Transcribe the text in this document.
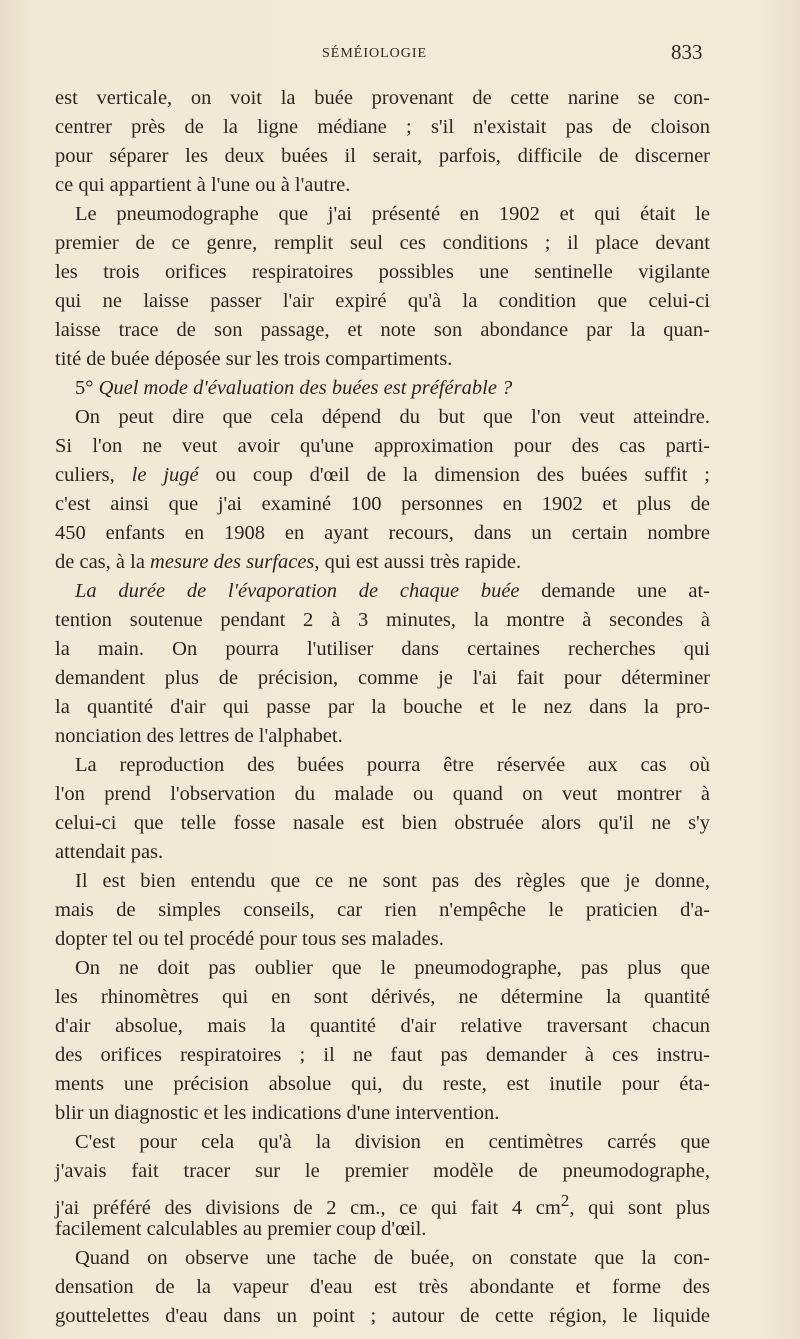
SÉMÉIOLOGIE	833
est verticale, on voit la buée provenant de cette narine se con-
centrer près de la ligne médiane ; s'il n'existait pas de cloison
pour séparer les deux buées il serait, parfois, difficile de discerner
ce qui appartient à l'une ou à l'autre.
Le pneumodographe que j'ai présenté en 1902 et qui était le
premier de ce genre, remplit seul ces conditions ; il place devant
les trois orifices respiratoires possibles une sentinelle vigilante
qui ne laisse passer l'air expiré qu'à la condition que celui-ci
laisse trace de son passage, et note son abondance par la quan-
tité de buée déposée sur les trois compartiments.
5° Quel mode d'évaluation des buées est préférable ?
On peut dire que cela dépend du but que l'on veut atteindre.
Si l'on ne veut avoir qu'une approximation pour des cas parti-
culiers, le jugé ou coup d'œil de la dimension des buées suffit ;
c'est ainsi que j'ai examiné 100 personnes en 1902 et plus de
450 enfants en 1908 en ayant recours, dans un certain nombre
de cas, à la mesure des surfaces, qui est aussi très rapide.
La durée de l'évaporation de chaque buée demande une at-
tention soutenue pendant 2 à 3 minutes, la montre à secondes à
la main. On pourra l'utiliser dans certaines recherches qui
demandent plus de précision, comme je l'ai fait pour déterminer
la quantité d'air qui passe par la bouche et le nez dans la pro-
nonciation des lettres de l'alphabet.
La reproduction des buées pourra être réservée aux cas où
l'on prend l'observation du malade ou quand on veut montrer à
celui-ci que telle fosse nasale est bien obstruée alors qu'il ne s'y
attendait pas.
Il est bien entendu que ce ne sont pas des règles que je donne,
mais de simples conseils, car rien n'empêche le praticien d'a-
dopter tel ou tel procédé pour tous ses malades.
On ne doit pas oublier que le pneumodographe, pas plus que
les rhinomètres qui en sont dérivés, ne détermine la quantité
d'air absolue, mais la quantité d'air relative traversant chacun
des orifices respiratoires ; il ne faut pas demander à ces instru-
ments une précision absolue qui, du reste, est inutile pour éta-
blir un diagnostic et les indications d'une intervention.
C'est pour cela qu'à la division en centimètres carrés que
j'avais fait tracer sur le premier modèle de pneumodographe,
j'ai préféré des divisions de 2 cm., ce qui fait 4 $cm^2$, qui sont plus
facilement calculables au premier coup d'œil.
Quand on observe une tache de buée, on constate que la con-
densation de la vapeur d'eau est très abondante et forme des
gouttelettes d'eau dans un point ; autour de cette région, le liquide
